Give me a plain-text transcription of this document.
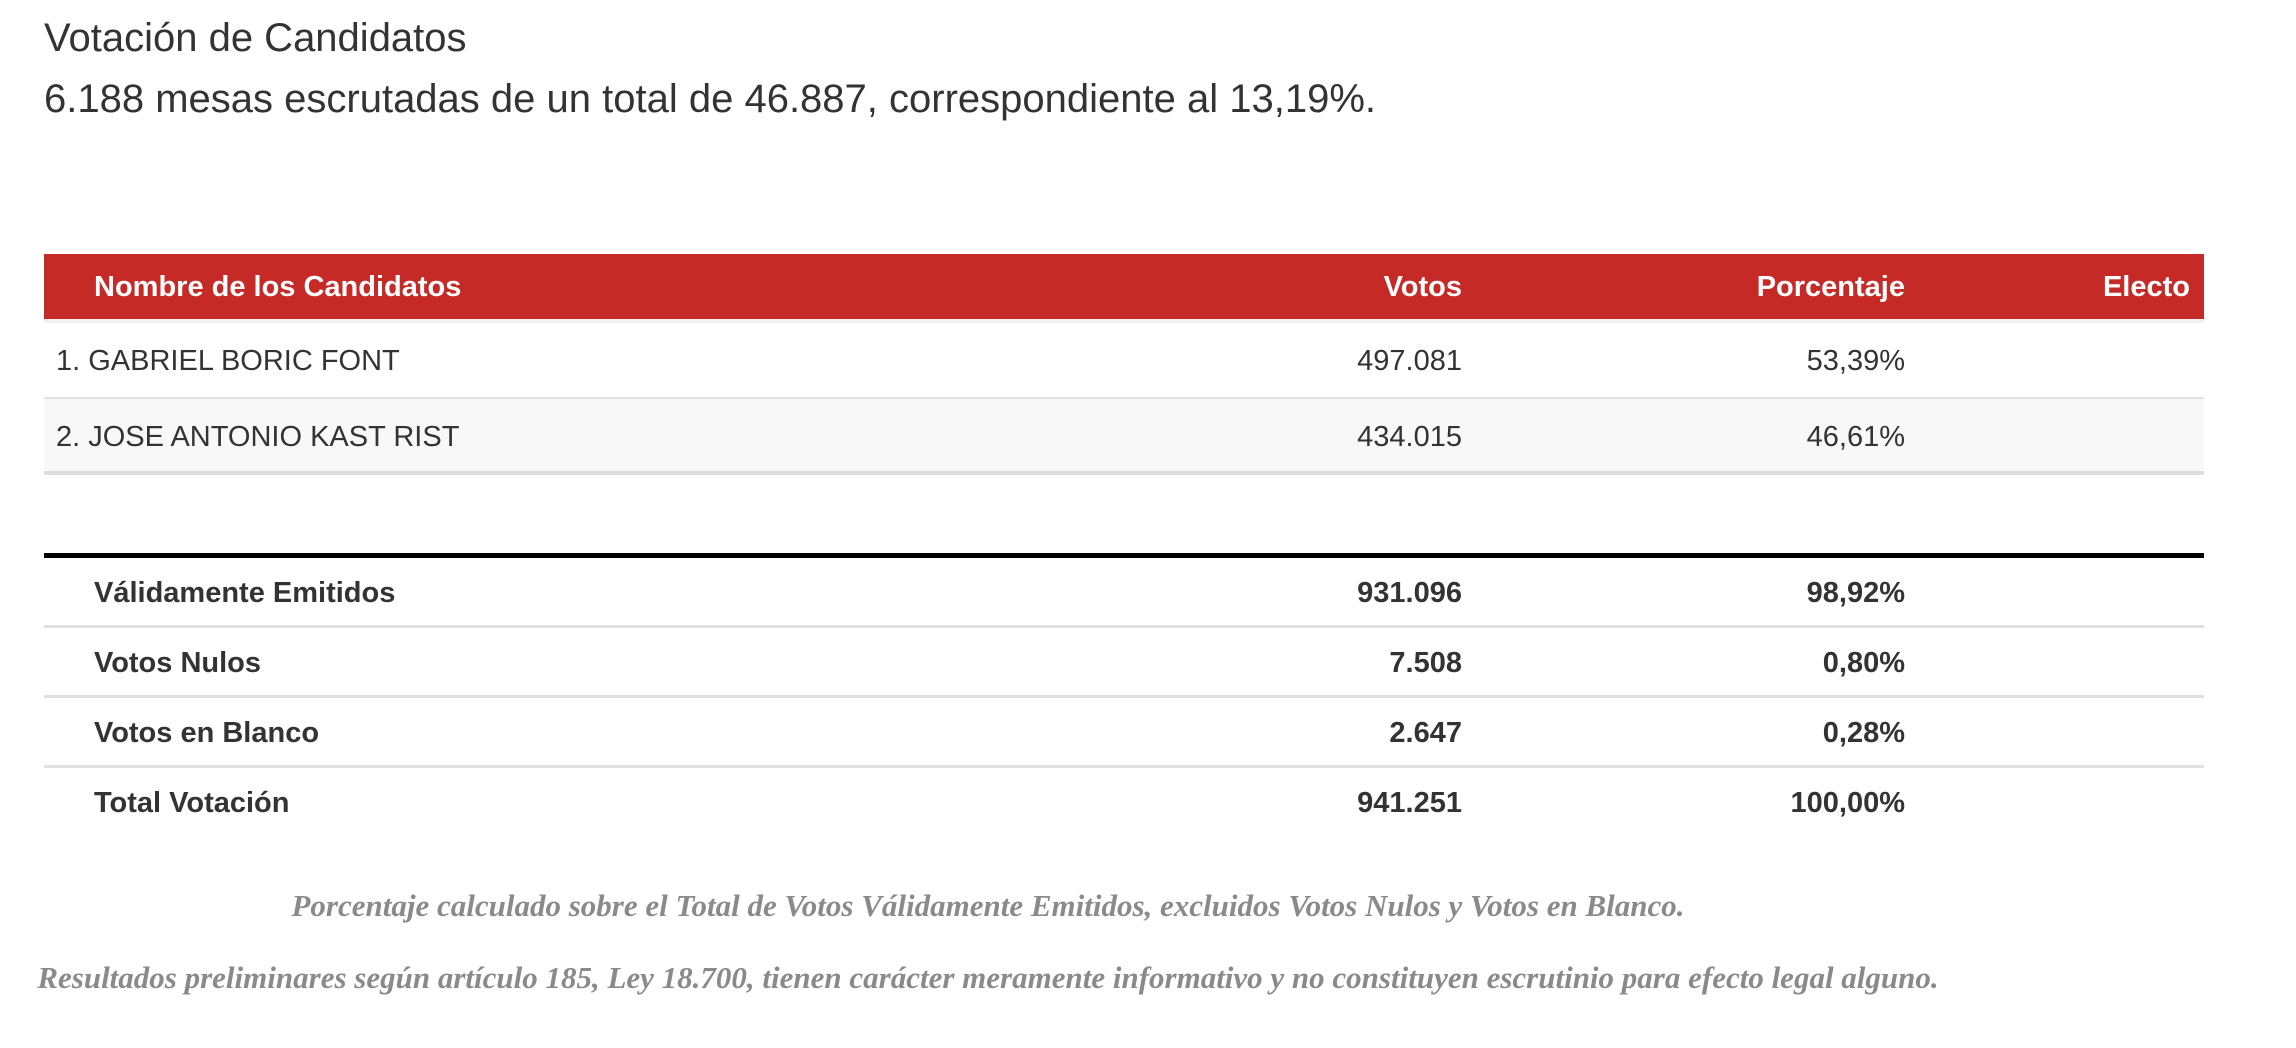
Votación de Candidatos
6.188 mesas escrutadas de un total de 46.887, correspondiente al 13,19%.
Nombre de los Candidatos	Votos	Porcentaje	Electo
1. GABRIEL BORIC FONT	497.081	53,39%
2. JOSE ANTONIO KAST RIST	434.015	46,61%
Válidamente Emitidos	931.096	98,92%
Votos Nulos	7.508	0,80%
Votos en Blanco	2.647	0,28%
Total Votación	941.251	100,00%
Porcentaje calculado sobre el Total de Votos Válidamente Emitidos, excluidos Votos Nulos y Votos en Blanco.
Resultados preliminares según artículo 185, Ley 18.700, tienen carácter meramente informativo y no constituyen escrutinio para efecto legal alguno.
